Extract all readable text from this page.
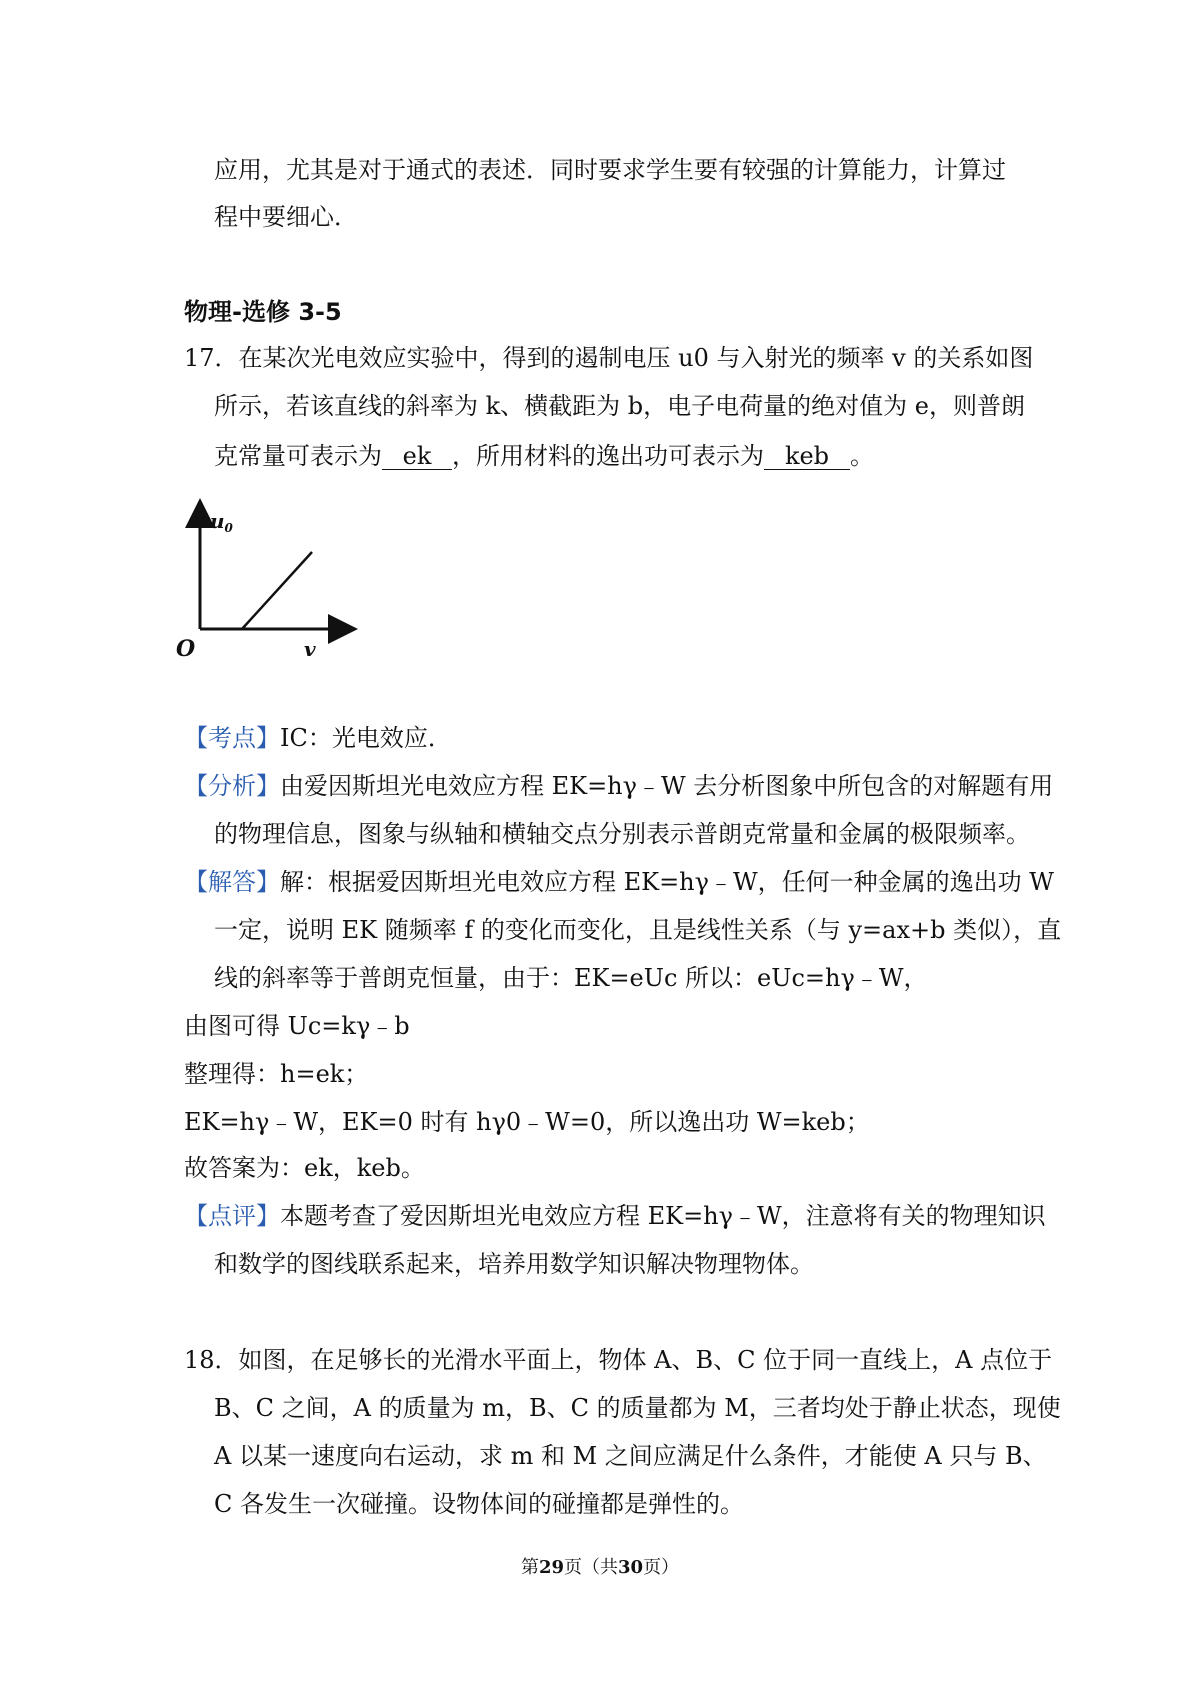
应用，尤其是对于通式的表述．同时要求学生要有较强的计算能力，计算过
程中要细心．
物理-选修 3-5
17．在某次光电效应实验中，得到的遏制电压 u0 与入射光的频率 v 的关系如图
所示，若该直线的斜率为 k、横截距为 b，电子电荷量的绝对值为 e，则普朗
克常量可表示为 ek ，所用材料的逸出功可表示为 keb 。
$u_0$
v
O
【考点】IC：光电效应．
【分析】由爱因斯坦光电效应方程 EK=hγ﹣W 去分析图象中所包含的对解题有用
的物理信息，图象与纵轴和横轴交点分别表示普朗克常量和金属的极限频率。
【解答】解：根据爱因斯坦光电效应方程 EK=hγ﹣W，任何一种金属的逸出功 W
一定，说明 EK 随频率 f 的变化而变化，且是线性关系（与 y=ax+b 类似），直
线的斜率等于普朗克恒量，由于：EK=eUc 所以：eUc=hγ﹣W，
由图可得 Uc=kγ﹣b
整理得：h=ek；
EK=hγ﹣W，EK=0 时有 hγ0﹣W=0，所以逸出功 W=keb；
故答案为：ek，keb。
【点评】本题考查了爱因斯坦光电效应方程 EK=hγ﹣W，注意将有关的物理知识
和数学的图线联系起来，培养用数学知识解决物理物体。
18．如图，在足够长的光滑水平面上，物体 A、B、C 位于同一直线上，A 点位于
B、C 之间，A 的质量为 m，B、C 的质量都为 M，三者均处于静止状态，现使
A 以某一速度向右运动，求 m 和 M 之间应满足什么条件，才能使 A 只与 B、
C 各发生一次碰撞。设物体间的碰撞都是弹性的。
第29页（共30页）
